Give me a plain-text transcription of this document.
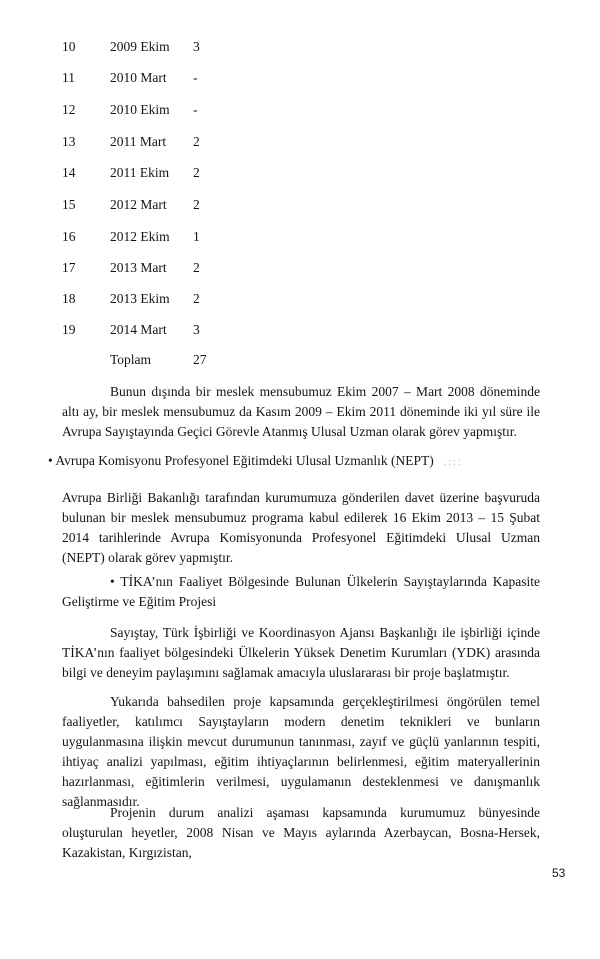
10	2009 Ekim 3
11	2010 Mart -
12	2010 Ekim -
13	2011 Mart 2
14	2011 Ekim 2
15	2012 Mart 2
16	2012 Ekim 1
17	2013 Mart 2
18	2013 Ekim 2
19	2014 Mart 3
Toplam	27

Bunun dışında bir meslek mensubumuz Ekim 2007 – Mart 2008 döneminde altı ay, bir meslek mensubumuz da Kasım 2009 – Ekim 2011 döneminde iki yıl süre ile Avrupa Sayıştayında Geçici Görevle Atanmış Ulusal Uzman olarak görev yapmıştır.

• Avrupa Komisyonu Profesyonel Eğitimdeki Ulusal Uzmanlık (NEPT) .:::

Avrupa Birliği Bakanlığı tarafından kurumumuza gönderilen davet üzerine başvuruda bulunan bir meslek mensubumuz programa kabul edilerek 16 Ekim 2013 – 15 Şubat 2014 tarihlerinde Avrupa Komisyonunda Profesyonel Eğitimdeki Ulusal Uzman (NEPT) olarak görev yapmıştır.

• TİKA’nın Faaliyet Bölgesinde Bulunan Ülkelerin Sayıştaylarında Kapasite Geliştirme ve Eğitim Projesi

Sayıştay, Türk İşbirliği ve Koordinasyon Ajansı Başkanlığı ile işbirliği içinde TİKA’nın faaliyet bölgesindeki Ülkelerin Yüksek Denetim Kurumları (YDK) arasında bilgi ve deneyim paylaşımını sağlamak amacıyla uluslararası bir proje başlatmıştır.

Yukarıda bahsedilen proje kapsamında gerçekleştirilmesi öngörülen temel faaliyetler, katılımcı Sayıştayların modern denetim teknikleri ve bunların uygulanmasına ilişkin mevcut durumunun tanınması, zayıf ve güçlü yanlarının tespiti, ihtiyaç analizi yapılması, eğitim ihtiyaçlarının belirlenmesi, eğitim materyallerinin hazırlanması, eğitimlerin verilmesi, uygulamanın desteklenmesi ve danışmanlık sağlanmasıdır.

Projenin durum analizi aşaması kapsamında kurumumuz bünyesinde oluşturulan heyetler, 2008 Nisan ve Mayıs aylarında Azerbaycan, Bosna-Hersek, Kazakistan, Kırgızistan,

53
